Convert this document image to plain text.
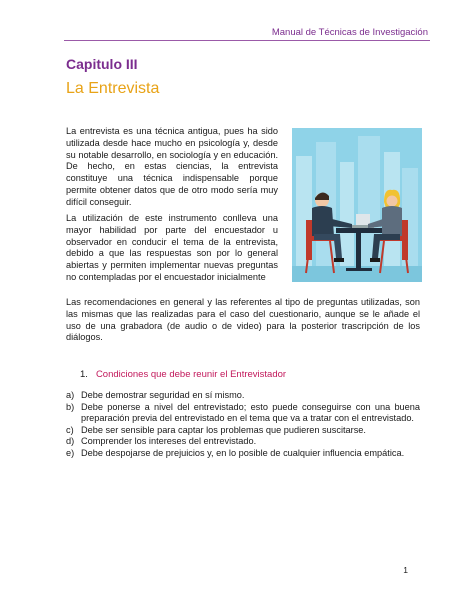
Manual de Técnicas de Investigación
Capitulo III
La Entrevista

La entrevista es una técnica antigua, pues ha sido utilizada desde hace mucho en psicología y, desde su notable desarrollo, en sociología y en educación. De hecho, en estas ciencias, la entrevista constituye una técnica indispensable porque permite obtener datos que de otro modo sería muy difícil conseguir.

La utilización de este instrumento conlleva una mayor habilidad por parte del encuestador u observador en conducir el tema de la entrevista, debido a que las respuestas son por lo general abiertas y permiten implementar nuevas preguntas no contempladas por el encuestador inicialmente

Las recomendaciones en general y las referentes al tipo de preguntas utilizadas, son las mismas que las realizadas para el caso del cuestionario, aunque se le añade el uso de una grabadora (de audio o de video) para la posterior trascripción de los diálogos.

1. Condiciones que debe reunir el Entrevistador
a) Debe demostrar seguridad en sí mismo.
b) Debe ponerse a nivel del entrevistado; esto puede conseguirse con una buena preparación previa del entrevistado en el tema que va a tratar con el entrevistado.
c) Debe ser sensible para captar los problemas que pudieren suscitarse.
d) Comprender los intereses del entrevistado.
e) Debe despojarse de prejuicios y, en lo posible de cualquier influencia empática.
1
